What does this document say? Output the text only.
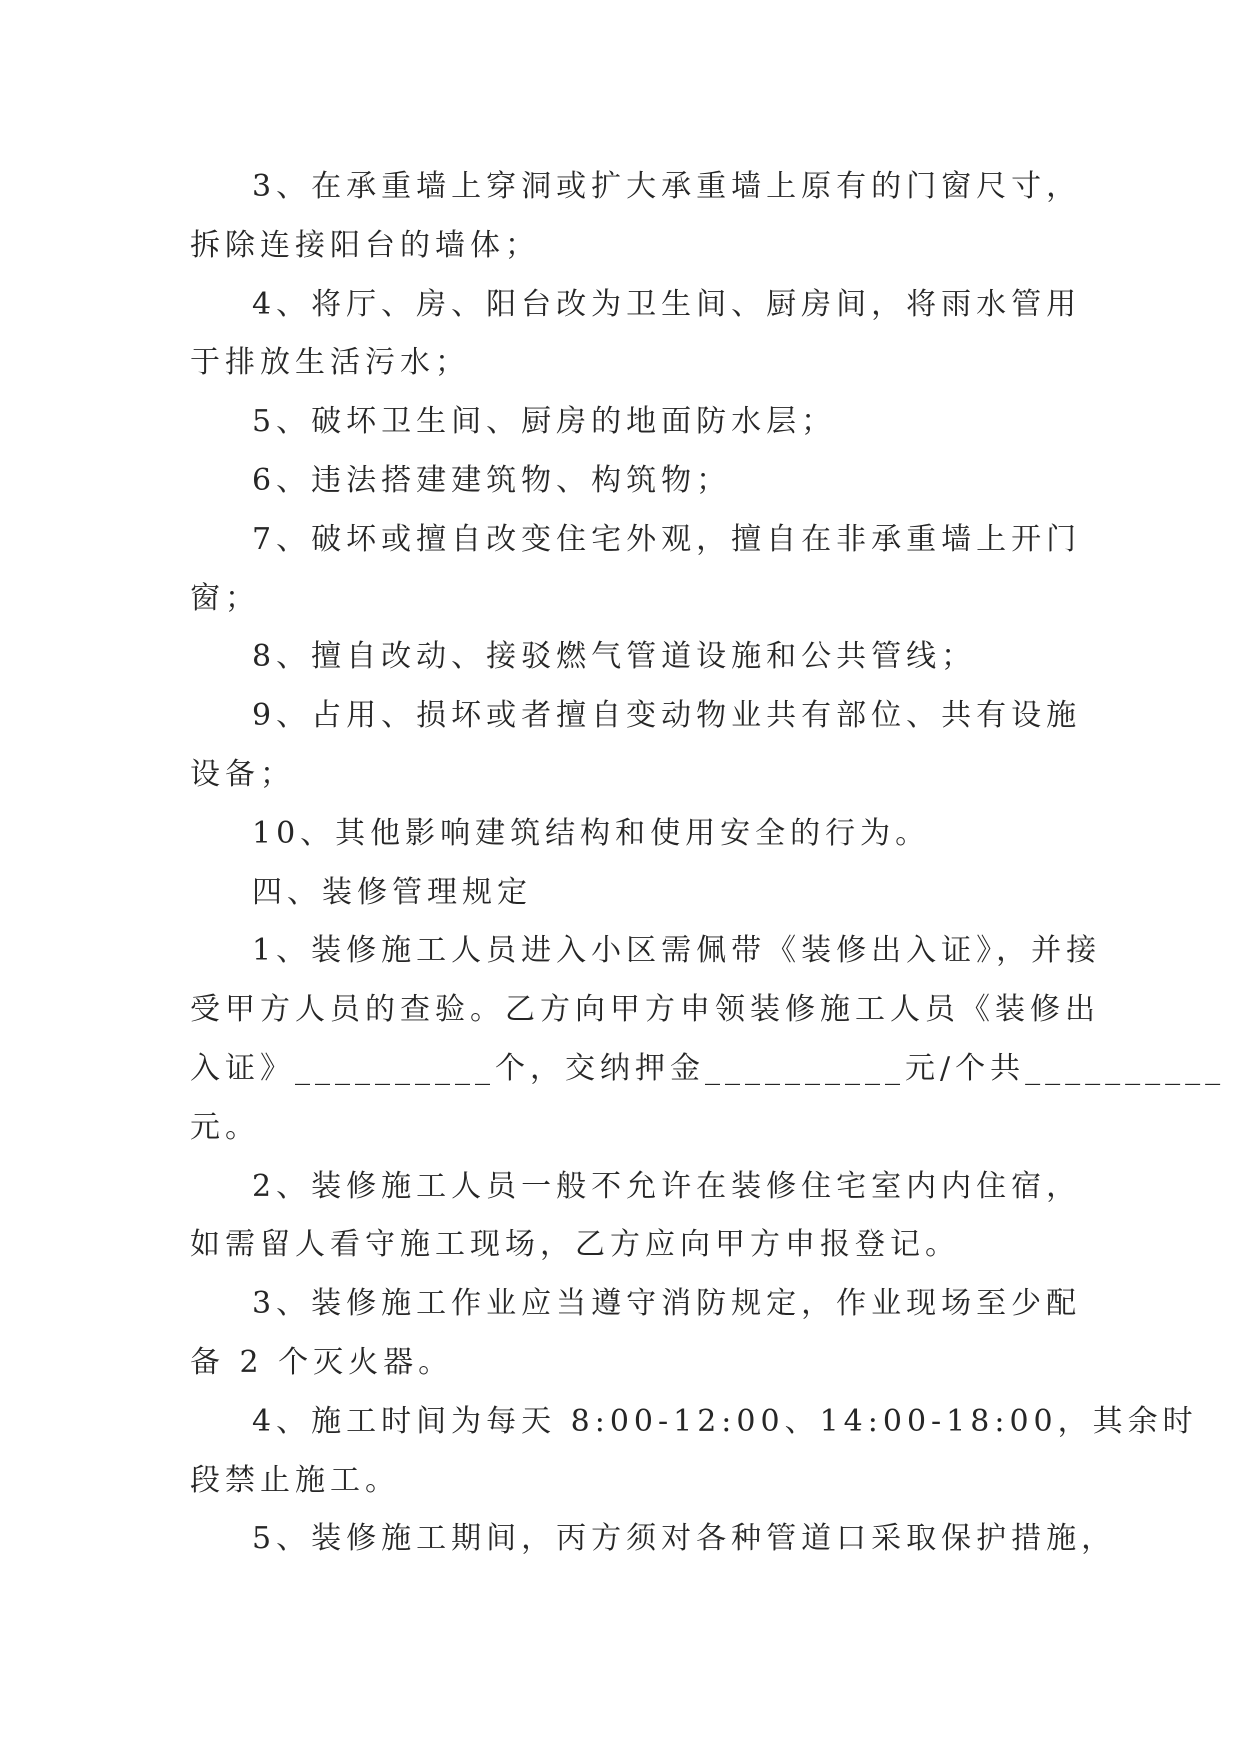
3、在承重墙上穿洞或扩大承重墙上原有的门窗尺寸，
拆除连接阳台的墙体；
4、将厅、房、阳台改为卫生间、厨房间，将雨水管用
于排放生活污水；
5、破坏卫生间、厨房的地面防水层；
6、违法搭建建筑物、构筑物；
7、破坏或擅自改变住宅外观，擅自在非承重墙上开门
窗；
8、擅自改动、接驳燃气管道设施和公共管线；
9、占用、损坏或者擅自变动物业共有部位、共有设施
设备；
10、其他影响建筑结构和使用安全的行为。
四、装修管理规定
1、装修施工人员进入小区需佩带《装修出入证》，并接
受甲方人员的查验。乙方向甲方申领装修施工人员《装修出
入证》__________个，交纳押金__________元/个共__________
元。
2、装修施工人员一般不允许在装修住宅室内内住宿，
如需留人看守施工现场，乙方应向甲方申报登记。
3、装修施工作业应当遵守消防规定，作业现场至少配
备 2 个灭火器。
4、施工时间为每天 8:00-12:00、14:00-18:00，其余时
段禁止施工。
5、装修施工期间，丙方须对各种管道口采取保护措施，
